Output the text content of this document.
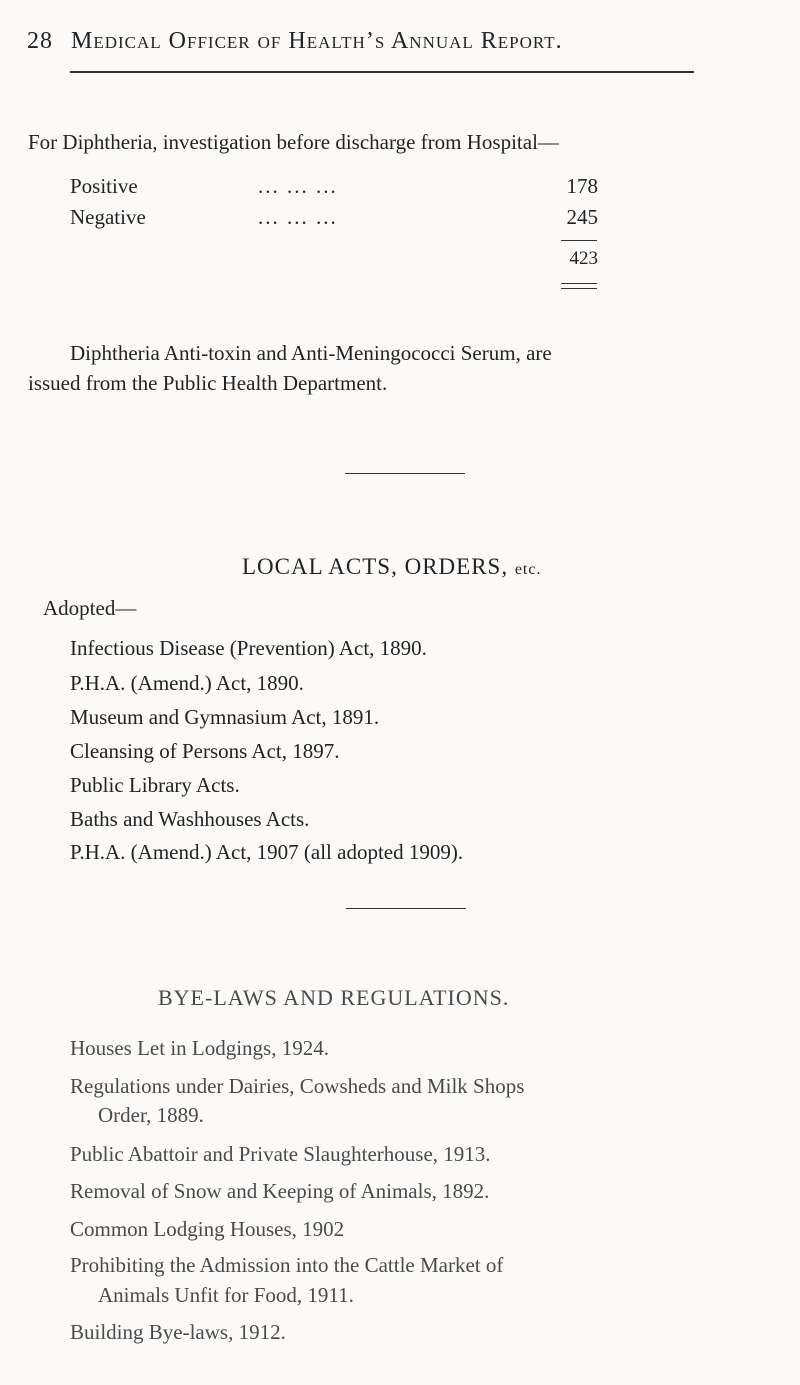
28 Medical Officer of Health’s Annual Report.
For Diphtheria, investigation before discharge from Hospital—
Positive	... ... ...	178
Negative	... ... ...	245
423
Diphtheria Anti-toxin and Anti-Meningococci Serum, are
issued from the Public Health Department.
LOCAL ACTS, ORDERS, etc.
Adopted—
Infectious Disease (Prevention) Act, 1890.
P.H.A. (Amend.) Act, 1890.
Museum and Gymnasium Act, 1891.
Cleansing of Persons Act, 1897.
Public Library Acts.
Baths and Washhouses Acts.
P.H.A. (Amend.) Act, 1907 (all adopted 1909).
BYE-LAWS AND REGULATIONS.
Houses Let in Lodgings, 1924.
Regulations under Dairies, Cowsheds and Milk Shops
Order, 1889.
Public Abattoir and Private Slaughterhouse, 1913.
Removal of Snow and Keeping of Animals, 1892.
Common Lodging Houses, 1902
Prohibiting the Admission into the Cattle Market of
Animals Unfit for Food, 1911.
Building Bye-laws, 1912.
